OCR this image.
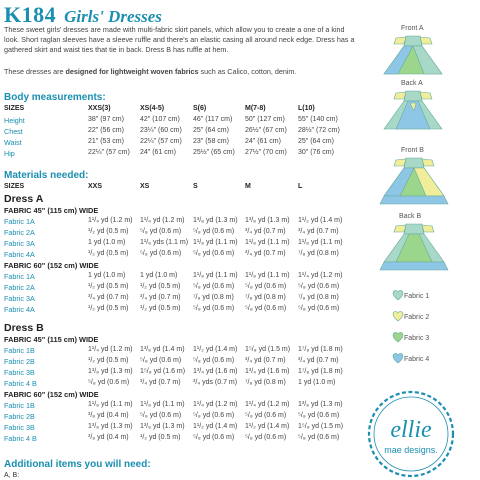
K184 Girls' Dresses

These sweet girls' dresses are made with multi-fabric skirt panels, which allow you to create a one of a kind look. Short raglan sleeves have a sleeve ruffle and there's an elastic casing all around neck edge. Dress has a gathered skirt and waist ties that tie in back. Dress B has ruffle at hem.

These dresses are designed for lightweight woven fabrics such as Calico, cotton, denim.

Body measurements:
SIZES	XXS(3)	XS(4-5)	S(6)	M(7-8)	L(10)
Height	38" (97 cm) 42" (107 cm) 46" (117 cm) 50" (127 cm) 55" (140 cm)
Chest	22" (56 cm) 23¼" (60 cm) 25" (64 cm) 26½" (67 cm) 28½" (72 cm)
Waist	21" (53 cm) 22¼" (57 cm) 23" (58 cm) 24" (61 cm) 25" (64 cm)
Hip	22¼" (57 cm) 24" (61 cm) 25½" (65 cm) 27½" (70 cm) 30" (76 cm)
Materials needed:
SIZES	XXS	XS	S	M	L
Dress A
FABRIC 45" (115 cm) WIDE
Fabric 1A	1¹/₄ yd (1.2 m) 1¹/₄ yd (1.2 m) 1³/₈ yd (1.3 m) 1³/₈ yd (1.3 m) 1¹/₂ yd (1.4 m)
Fabric 2A	¹/₂ yd (0.5 m) ⁵/₈ yd (0.6 m) ⁵/₈ yd (0.6 m) ³/₄ yd (0.7 m) ³/₄ yd (0.7 m)
Fabric 3A	1 yd (1.0 m) 1¹/₈ yds (1.1 m) 1¹/₈ yd (1.1 m) 1¹/₈ yd (1.1 m) 1¹/₈ yd (1.1 m)
Fabric 4A	¹/₂ yd (0.5 m) ⁵/₈ yd (0.6 m) ⁵/₈ yd (0.6 m) ³/₄ yd (0.7 m) ⁷/₈ yd (0.8 m)
FABRIC 60" (152 cm) WIDE
Fabric 1A	1 yd (1.0 m) 1 yd (1.0 m) 1¹/₈ yd (1.1 m) 1¹/₈ yd (1.1 m) 1¹/₄ yd (1.2 m)
Fabric 2A	¹/₂ yd (0.5 m) ¹/₂ yd (0.5 m) ⁵/₈ yd (0.6 m) ⁵/₈ yd (0.6 m) ⁵/₈ yd (0.6 m)
Fabric 3A	³/₄ yd (0.7 m) ³/₄ yd (0.7 m) ⁷/₈ yd (0.8 m) ⁷/₈ yd (0.8 m) ⁷/₈ yd (0.8 m)
Fabric 4A	¹/₂ yd (0.5 m) ¹/₂ yd (0.5 m) ⁵/₈ yd (0.6 m) ⁵/₈ yd (0.6 m) ⁵/₈ yd (0.6 m)
Dress B
FABRIC 45" (115 cm) WIDE
Fabric 1B	1¹/₄ yd (1.2 m) 1³/₈ yd (1.4 m) 1¹/₂ yd (1.4 m) 1⁵/₈ yd (1.5 m) 1⁷/₈ yd (1.8 m)
Fabric 2B	¹/₂ yd (0.5 m) ⁵/₈ yd (0.6 m) ⁵/₈ yd (0.6 m) ³/₄ yd (0.7 m) ³/₄ yd (0.7 m)
Fabric 3B	1³/₈ yd (1.3 m) 1⁵/₈ yd (1.6 m) 1³/₄ yd (1.6 m) 1³/₄ yd (1.6 m) 1⁷/₈ yd (1.8 m)
Fabric 4 B	⁵/₈ yd (0.6 m) ³/₄ yd (0.7 m) ³/₄ yds (0.7 m) ⁷/₈ yd (0.8 m) 1 yd (1.0 m)
FABRIC 60" (152 cm) WIDE
Fabric 1B	1¹/₈ yd (1.1 m) 1¹/₈ yd (1.1 m) 1¹/₄ yd (1.2 m) 1¹/₄ yd (1.2 m) 1³/₈ yd (1.3 m)
Fabric 2B	³/₈ yd (0.4 m) ⁵/₈ yd (0.6 m) ⁵/₈ yd (0.6 m) ⁵/₈ yd (0.6 m) ⁵/₈ yd (0.6 m)
Fabric 3B	1³/₈ yd (1.3 m) 1³/₈ yd (1.3 m) 1¹/₂ yd (1.4 m) 1¹/₂ yd (1.4 m) 1⁵/₈ yd (1.5 m)
Fabric 4 B	³/₈ yd (0.4 m) ¹/₂ yd (0.5 m) ⁵/₈ yd (0.6 m) ⁵/₈ yd (0.6 m) ⁵/₈ yd (0.6 m)
Additional items you will need:
A, B:
Front A
Back A
Front B
Back B
Fabric 1
Fabric 2
Fabric 3
Fabric 4
ellie
mae designs.
